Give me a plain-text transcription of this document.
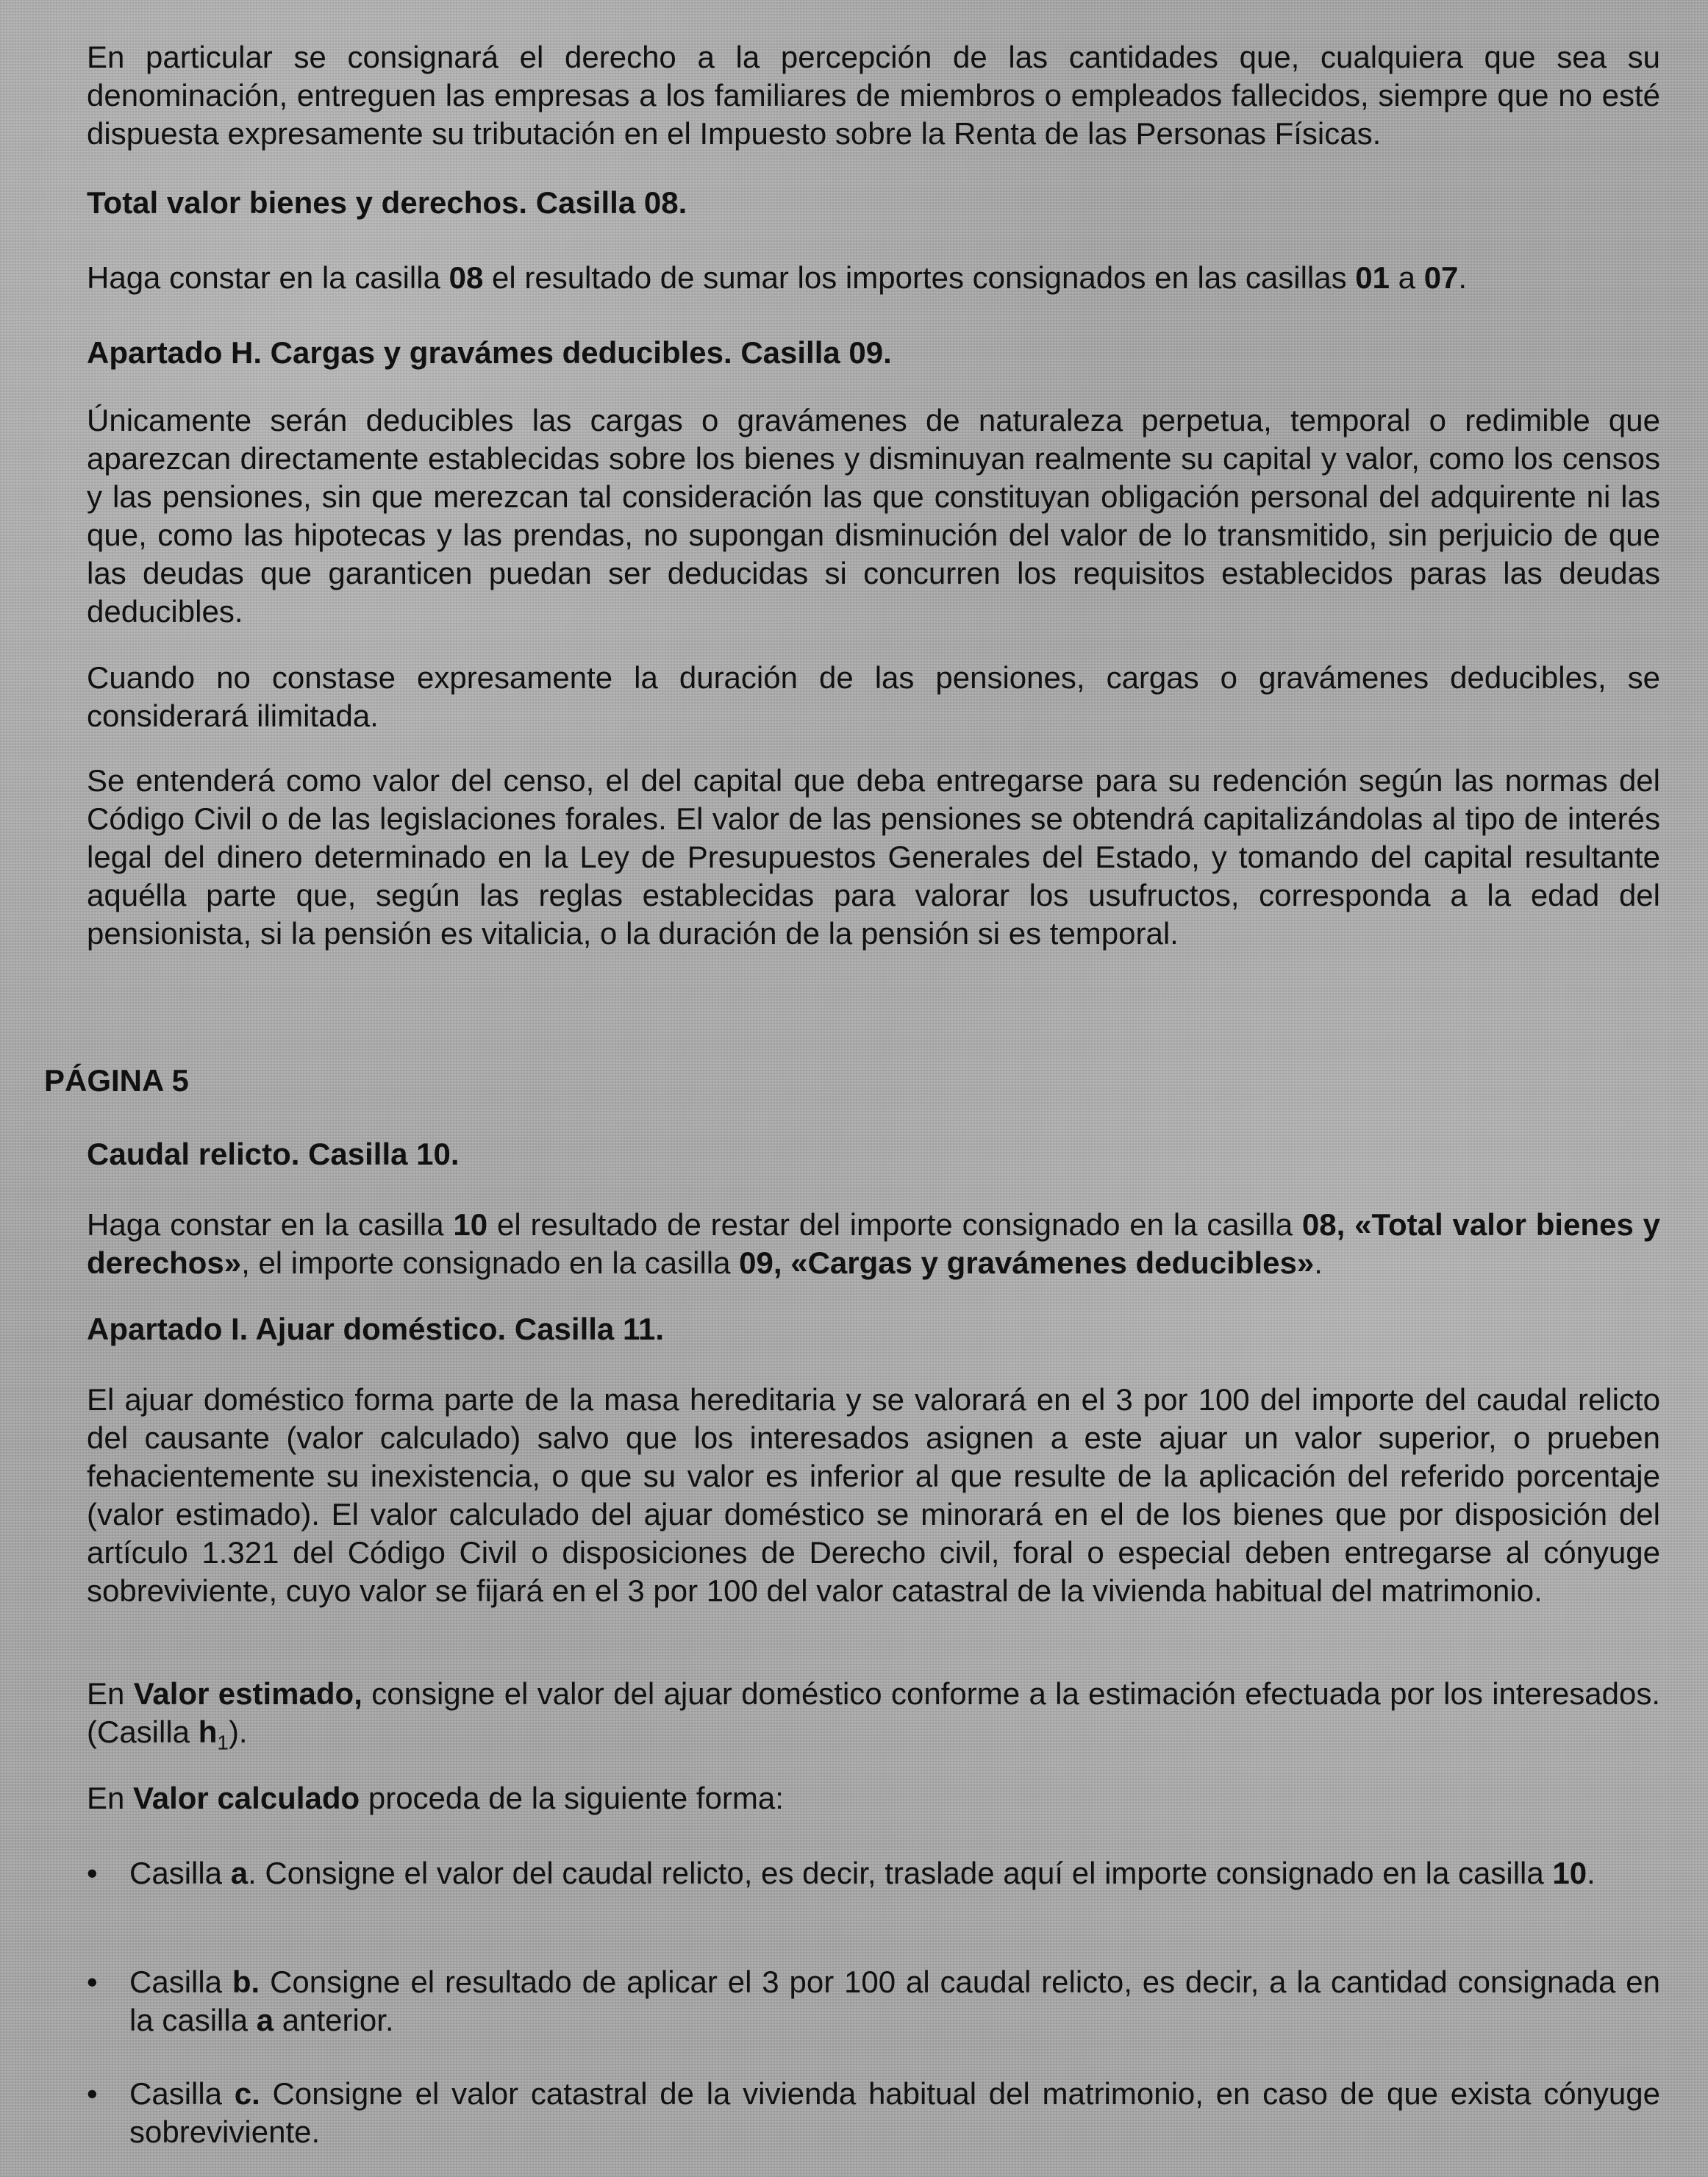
En particular se consignará el derecho a la percepción de las cantidades que, cualquiera que sea su denominación, entreguen las empresas a los familiares de miembros o empleados fallecidos, siempre que no esté dispuesta expresamente su tributación en el Impuesto sobre la Renta de las Personas Físicas.

Total valor bienes y derechos. Casilla 08.

Haga constar en la casilla 08 el resultado de sumar los importes consignados en las casillas 01 a 07.

Apartado H. Cargas y gravámes deducibles. Casilla 09.

Únicamente serán deducibles las cargas o gravámenes de naturaleza perpetua, temporal o redimible que aparezcan directamente establecidas sobre los bienes y disminuyan realmente su capital y valor, como los censos y las pensiones, sin que merezcan tal consideración las que constituyan obligación personal del adquirente ni las que, como las hipotecas y las prendas, no supongan disminución del valor de lo transmitido, sin perjuicio de que las deudas que garanticen puedan ser deducidas si concurren los requisitos establecidos paras las deudas deducibles.

Cuando no constase expresamente la duración de las pensiones, cargas o gravámenes deducibles, se considerará ilimitada.

Se entenderá como valor del censo, el del capital que deba entregarse para su redención según las normas del Código Civil o de las legislaciones forales. El valor de las pensiones se obtendrá capitalizándolas al tipo de interés legal del dinero determinado en la Ley de Presupuestos Generales del Estado, y tomando del capital resultante aquélla parte que, según las reglas establecidas para valorar los usufructos, corresponda a la edad del pensionista, si la pensión es vitalicia, o la duración de la pensión si es temporal.

PÁGINA 5
Caudal relicto. Casilla 10.

Haga constar en la casilla 10 el resultado de restar del importe consignado en la casilla 08, «Total valor bienes y derechos», el importe consignado en la casilla 09, «Cargas y gravámenes deducibles».

Apartado I. Ajuar doméstico. Casilla 11.

El ajuar doméstico forma parte de la masa hereditaria y se valorará en el 3 por 100 del importe del caudal relicto del causante (valor calculado) salvo que los interesados asignen a este ajuar un valor superior, o prueben fehacientemente su inexistencia, o que su valor es inferior al que resulte de la aplicación del referido porcentaje (valor estimado). El valor calculado del ajuar doméstico se minorará en el de los bienes que por disposición del artículo 1.321 del Código Civil o disposiciones de Derecho civil, foral o especial deben entregarse al cónyuge sobreviviente, cuyo valor se fijará en el 3 por 100 del valor catastral de la vivienda habitual del matrimonio.

En Valor estimado, consigne el valor del ajuar doméstico conforme a la estimación efectuada por los interesados. (Casilla $h_1$).

En Valor calculado proceda de la siguiente forma:

•	Casilla a. Consigne el valor del caudal relicto, es decir, traslade aquí el importe consignado en la casilla 10.

•	Casilla b. Consigne el resultado de aplicar el 3 por 100 al caudal relicto, es decir, a la cantidad consignada en la casilla a anterior.

•	Casilla c. Consigne el valor catastral de la vivienda habitual del matrimonio, en caso de que exista cónyuge sobreviviente.
